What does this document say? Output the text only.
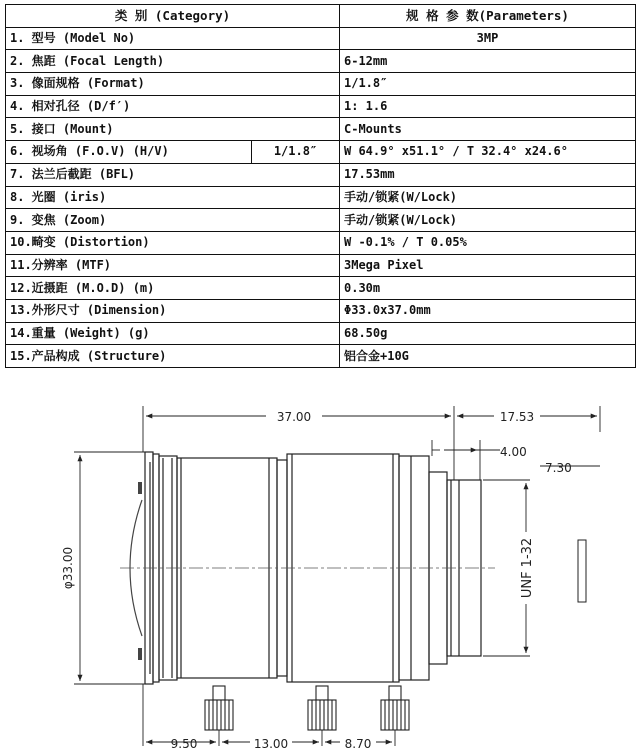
类 别 (Category)		规 格 参 数(Parameters)
1. 型号 (Model No)		3MP
2. 焦距 (Focal Length)		6-12mm
3. 像面规格 (Format)		1/1.8″
4. 相对孔径 (D/f′)		1: 1.6
5. 接口 (Mount)		C-Mounts
6. 视场角 (F.O.V) (H/V)	1/1.8″	W 64.9° x51.1° / T 32.4° x24.6°
7. 法兰后截距 (BFL)		17.53mm
8. 光圈 (iris)		手动/锁紧(W/Lock)
9. 变焦 (Zoom)		手动/锁紧(W/Lock)
10.畸变 (Distortion)		W -0.1% / T 0.05%
11.分辨率 (MTF)		3Mega Pixel
12.近摄距 (M.O.D) (m)		0.30m
13.外形尺寸 (Dimension)		Φ33.0x37.0mm
14.重量 (Weight) (g)		68.50g
15.产品构成 (Structure)		铝合金+10G
37.00	17.53
4.00
7.30
φ33.00	UNF 1-32
9.50	13.00	8.70
